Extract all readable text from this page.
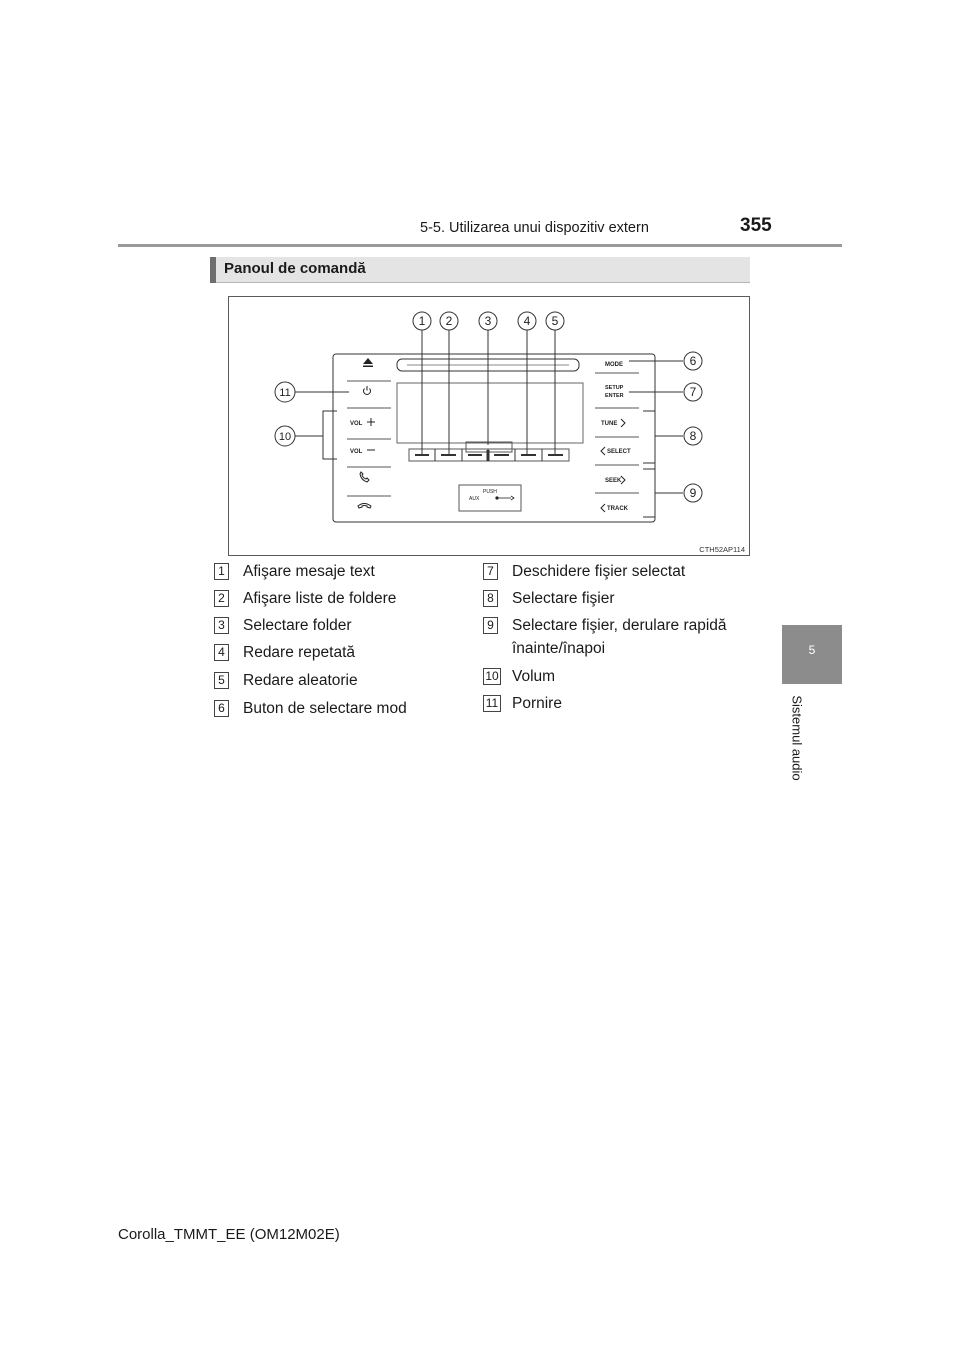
5-5. Utilizarea unui dispozitiv extern	355
5
Sistemul audio
Panoul de comandă
PUSH
AUX
VOL
VOL
MODE
SETUP
ENTER
TUNE
SELECT
SEEK
TRACK
1 2	3	4 5
6
7
8
9
10
11
CTH52AP114
1 Afişare mesaje text
2 Afişare liste de foldere
3 Selectare folder
4 Redare repetată
5 Redare aleatorie
6 Buton de selectare mod
7 Deschidere fişier selectat
8 Selectare fişier
9 Selectare fişier, derulare rapidă înainte/înapoi
10 Volum
11 Pornire
Corolla_TMMT_EE (OM12M02E)
